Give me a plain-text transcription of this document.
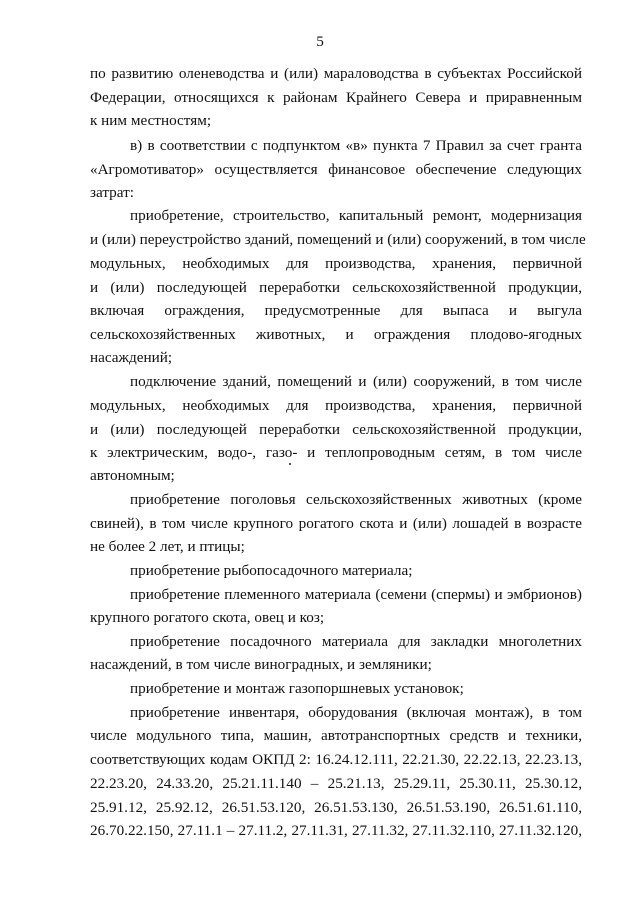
5
по развитию оленеводства и (или) мараловодства в субъектах Российской
Федерации, относящихся к районам Крайнего Севера и приравненным
к ним местностям;
в) в соответствии с подпунктом «в» пункта 7 Правил за счет гранта
«Агромотиватор» осуществляется финансовое обеспечение следующих
затрат:
приобретение, строительство, капитальный ремонт, модернизация
и (или) переустройство зданий, помещений и (или) сооружений, в том числе
модульных, необходимых для производства, хранения, первичной
и (или) последующей переработки сельскохозяйственной продукции,
включая ограждения, предусмотренные для выпаса и выгула
сельскохозяйственных животных, и ограждения плодово-ягодных
насаждений;
подключение зданий, помещений и (или) сооружений, в том числе
модульных, необходимых для производства, хранения, первичной
и (или) последующей переработки сельскохозяйственной продукции,
к электрическим, водо-, газо- и теплопроводным сетям, в том числе
автономным;
приобретение поголовья сельскохозяйственных животных (кроме
свиней), в том числе крупного рогатого скота и (или) лошадей в возрасте
не более 2 лет, и птицы;
приобретение рыбопосадочного материала;
приобретение племенного материала (семени (спермы) и эмбрионов)
крупного рогатого скота, овец и коз;
приобретение посадочного материала для закладки многолетних
насаждений, в том числе виноградных, и земляники;
приобретение и монтаж газопоршневых установок;
приобретение инвентаря, оборудования (включая монтаж), в том
числе модульного типа, машин, автотранспортных средств и техники,
соответствующих кодам ОКПД 2: 16.24.12.111, 22.21.30, 22.22.13, 22.23.13,
22.23.20, 24.33.20, 25.21.11.140 – 25.21.13, 25.29.11, 25.30.11, 25.30.12,
25.91.12, 25.92.12, 26.51.53.120, 26.51.53.130, 26.51.53.190, 26.51.61.110,
26.70.22.150, 27.11.1 – 27.11.2, 27.11.31, 27.11.32, 27.11.32.110, 27.11.32.120,
